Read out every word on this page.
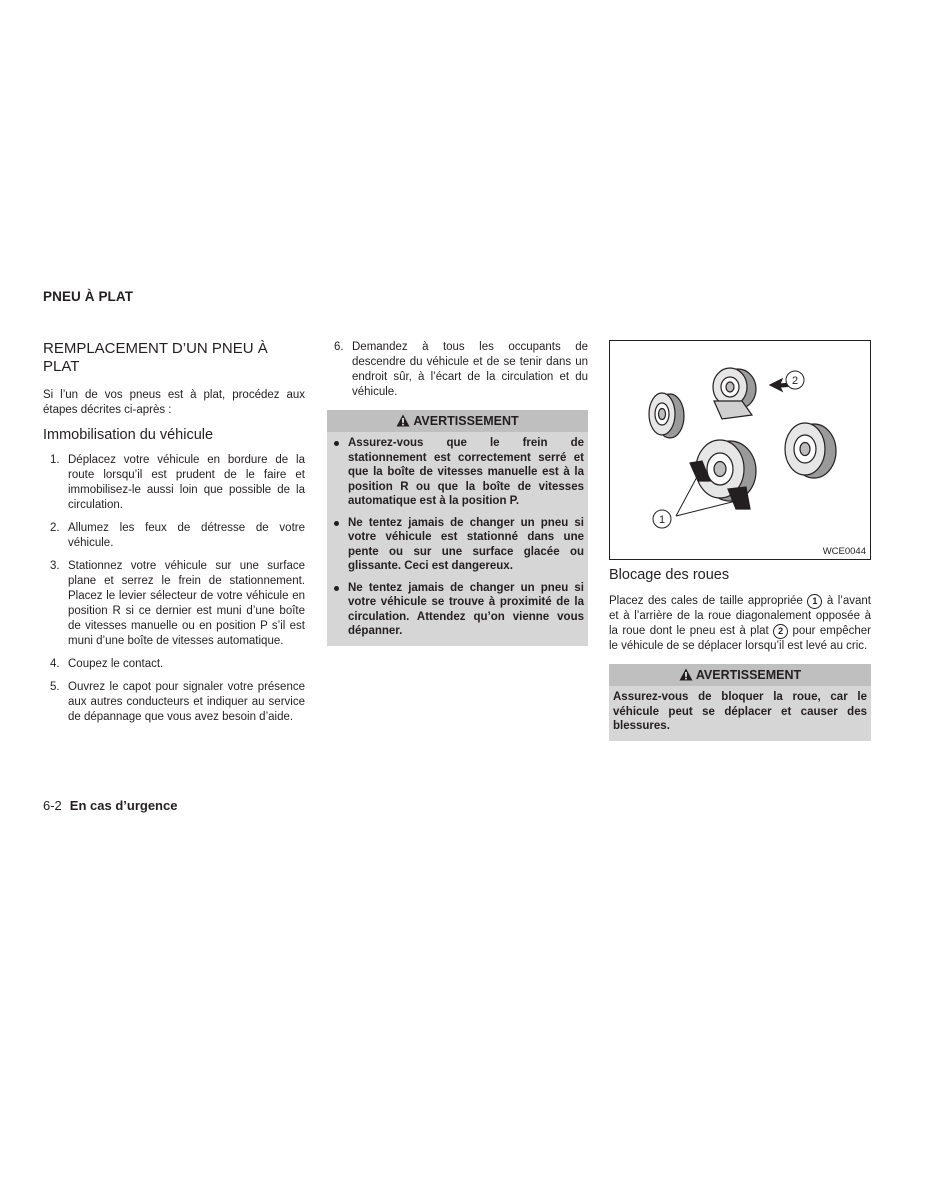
PNEU À PLAT
REMPLACEMENT D’UN PNEU À PLAT
Si l’un de vos pneus est à plat, procédez aux étapes décrites ci-après :
Immobilisation du véhicule
1. Déplacez votre véhicule en bordure de la route lorsqu’il est prudent de le faire et immobilisez-le aussi loin que possible de la circulation.
2. Allumez les feux de détresse de votre véhicule.
3. Stationnez votre véhicule sur une surface plane et serrez le frein de stationnement. Placez le levier sélecteur de votre véhicule en position R si ce dernier est muni d’une boîte de vitesses manuelle ou en position P s’il est muni d’une boîte de vitesses automatique.
4. Coupez le contact.
5. Ouvrez le capot pour signaler votre présence aux autres conducteurs et indiquer au service de dépannage que vous avez besoin d’aide.
6. Demandez à tous les occupants de descendre du véhicule et de se tenir dans un endroit sûr, à l’écart de la circulation et du véhicule.
AVERTISSEMENT
Assurez-vous que le frein de stationnement est correctement serré et que la boîte de vitesses manuelle est à la position R ou que la boîte de vitesses automatique est à la position P.
Ne tentez jamais de changer un pneu si votre véhicule est stationné dans une pente ou sur une surface glacée ou glissante. Ceci est dangereux.
Ne tentez jamais de changer un pneu si votre véhicule se trouve à proximité de la circulation. Attendez qu’on vienne vous dépanner.
2
1
WCE0044
Blocage des roues
Placez des cales de taille appropriée 1 à l’avant et à l’arrière de la roue diagonalement opposée à la roue dont le pneu est à plat 2 pour empêcher le véhicule de se déplacer lorsqu’il est levé au cric.
AVERTISSEMENT
Assurez-vous de bloquer la roue, car le véhicule peut se déplacer et causer des blessures.
6-2 En cas d’urgence
